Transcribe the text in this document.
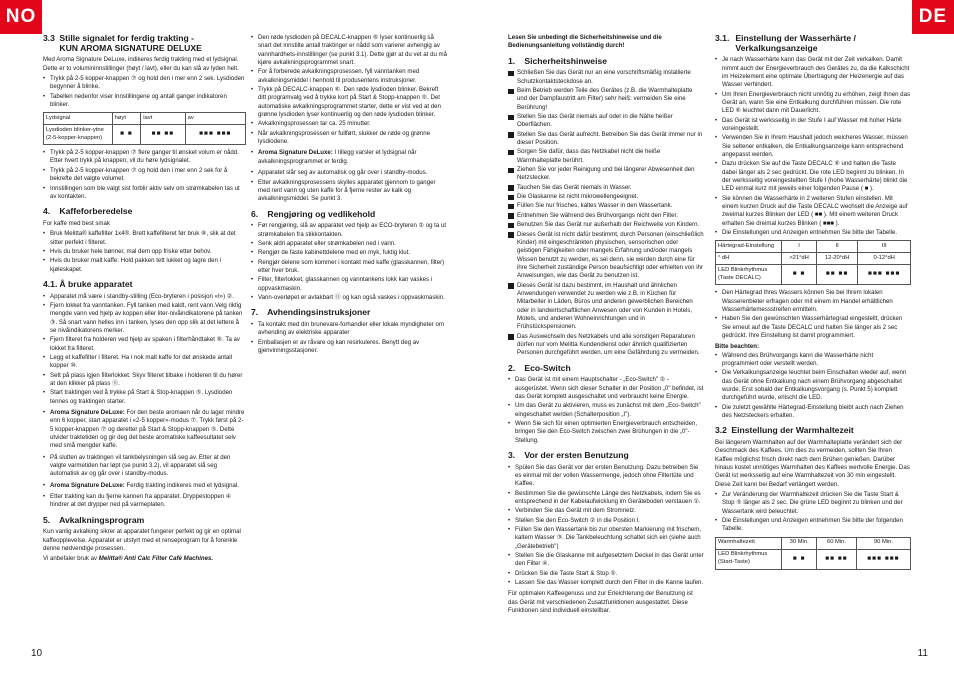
NO	DE
3.3 Stille signalet for ferdig trakting -
KUN AROMA SIGNATURE DELUXE

Med Aroma Signature DeLuxe, indikeres ferdig trakting med et lydsignal. Dette er to volumininnstillinger (høyt / lavt), eller du kan slå av lyden helt.

• Trykk på 2-5 kopper-knappen ⑦ og hold den i mer enn 2 sek. Lysdioden begynner å blinke.
• Tabellen nedenfor viser innstillingene og antall ganger indikatoren blinker.
Lydsignal	høyt	lavt	av
Lysdioden blinker-ytne (2-5-kopper-knappen)	■ ■	■■ ■■	■■■ ■■■
• Trykk på 2-5 kopper-knappen ⑦ flere ganger til ønsket volum er nådd. Etter hvert trykk på knappen, vil du høre lydsignalet.
• Trykk på 2-5 kopper-knappen ⑦ og hold den i mer enn 2 sek for å bekrefte det valgte volumet.
• Innstillingen som ble valgt sist forblir aktiv selv om strømkabelen tas ut av kontakten.
4. Kaffeforberedelse

For kaffe med best smak

• Bruk Melitta® kaffefilter 1x4®. Brett kaffefilteret før bruk ⑧, slik at det sitter perfekt i filteret.
• Hvis du bruker hele bønner, mal dem opp friske etter behov.
• Hvis du bruker malt kaffe: Hold pakken tett lukket og lagre den i kjøleskapet.
4.1. Å bruke apparatet
• Apparatet må være i standby-stilling (Eco-bryteren i posisjon «I») ②.
• Fjern lokket fra vanntanken. Fyll tanken med kaldt, rent vann.Velg riktig mengde vann ved hjelp av koppen eller liter-nivåindikatorene på tanken ③. Så snart vann helles inn i tanken, lyses den opp slik at det lettere å se nivåindikatorens merker.
• Fjern filteret fra holderen ved hjelp av spaken i filterhåndtaket ⑨. Ta av lokket fra filteret.
• Legg et kaffefilter i filteret. Ha i nok malt kaffe for det ønskede antall kopper ⑩.
• Sett på plass igjen filterlokket. Skyv filteret tilbake i holderen til du hører at den klikker på plass ⑪.
• Start traktingen ved å trykke på Start & Stop-knappen ⑤. Lysdioden tennes og traktingen starter.
• Aroma Signature DeLuxe: For den beste aromaen når du lager mindre enn 6 kopper, start apparatet i «2-5 kopper»-modus ⑦. Trykk først på 2-5 kopper-knappen ⑦ og deretter på Start & Stopp-knappen ⑤. Dette utvider traktetiden og gir deg det beste aromatiske kaffeesultatet selv med små mengder kaffe.
• På slutten av traktingen vil tankbelysningen slå seg av. Etter at den valgte varmetiden har løpt (se punkt 3.2), vil apparatet slå seg automatisk av og går over i standby-modus.
• Aroma Signature DeLuxe: Ferdig trakting indikeres med et lydsignal.
• Etter trakting kan du fjerne kannen fra apparatet. Dryppestoppen ④ hindrer at det drypper ned på varmeplaten.
5. Avkalkningsprogram

Kun vanlig avkalking sikrer at apparatet fungerer perfekt og gir en optimal kaffeopplevelse. Apparatet er utstyrt med et renseprogram for å forenkle denne nødvendige prosessen.

Vi anbefaler bruk av Melitta® Anti Calc Filter Café Machines.

• Den røde lysdioden på DECALC-knappen ⑥ lyser kontinuerlig så snart det innstilte antall traktinger er nådd som varierer avhengig av vannhardhets-innstillinger (se punkt 3.1). Dette gjør at du vet at du må kjøre avkalkningsprogrammet snart.
• For å forberede avkalkningsprosessen, fyll vanntanken med avkalkningsmiddel i henhold til produsentens instruksjoner.
• Trykk på DECALC-knappen ⑥. Den røde lysdioden blinker. Bekreft ditt programvalg ved å trykke kort på Start & Stopp-knappen ⑤. Det automatiske avkalkningsprogrammet starter, dette er vist ved at den grønne lysdioden lyser kontinuerlig og den røde lysdioden blinker.
• Avkalkningsprosessen tar ca. 25 minutter.
• Når avkalkningsprosessen er fullført, slukker de røde og grønne lysdiodene.
• Aroma Signature DeLuxe: I tillegg varsler et lydsignal når avkalkningsprogrammet er ferdig.
• Apparatet slår seg av automatisk og går over i standby-modus.
• Etter avkalkningsprosessens skylles apparatet gjennom to ganger med rent vann og uten kaffe for å fjerne rester av kalk og avkalkningsmiddel. Se punkt 3.
6. Rengjøring og vedlikehold
• Før rengjøring, slå av apparatet ved hjelp av ECO-bryteren ② og ta ut strømkabelen fra stikkontakten.
• Senk aldri apparatet eller strømkabelen ned i vann.
• Rengjør de faste kabinettdelene med en myk, fuktig klut.
• Rengjør delene som kommer i kontakt med kaffe (glasskannen, filter) etter hver bruk.
• Filter, filterlokket, glasskannen og vanntankens lokk kan vaskes i oppvaskmaskin.
• Vann-overløpet er avtakbart ⑪ og kan også vaskes i oppvaskmaskin.
7. Avhendingsinstruksjoner
• Ta kontakt med din brunevare-forhandler eller lokale myndigheter om avhending av elektriske apparater
• Emballasjen er av råvare og kan resirkuleres. Benytt deg av gjenvinningsstasjoner.

Lesen Sie unbedingt die Sicherheitshinweise und die Bedienungsanleitung vollständig durch!

1. Sicherheitshinweise
Schließen Sie das Gerät nur an eine vorschriftsmäßig installierte Schutzkontaktsteckdose an.
Beim Betrieb werden Teile des Gerätes (z.B. die Warmhalteplatte und der Dampfaustritt am Filter) sehr heiß: vermeiden Sie eine Berührung!
Stellen Sie das Gerät niemals auf oder in die Nähe heißer Oberflächen.
Stellen Sie das Gerät aufrecht. Betreiben Sie das Gerät immer nur in dieser Position.
Sorgen Sie dafür, dass das Netzkabel nicht die heiße Warmhalteplatte berührt.
Ziehen Sie vor jeder Reinigung und bei längerer Abwesenheit den Netzstecker.
Tauchen Sie das Gerät niemals in Wasser.
Die Glaskanne ist nicht mikrowellengeeignet.
Füllen Sie nur frisches, kaltes Wasser in den Wassertank.
Entnehmen Sie während des Brühvorgangs nicht den Filter.
Benutzen Sie das Gerät nur außerhalb der Reichweite von Kindern.
Dieses Gerät ist nicht dafür bestimmt, durch Personen (einschließlich Kinder) mit eingeschränkten physischen, sensorischen oder geistigen Fähigkeiten oder mangels Erfahrung und/oder mangels Wissen benutzt zu werden, es sei denn, sie werden durch eine für ihre Sicherheit zuständige Person beaufsichtigt oder erhielten von ihr Anweisungen, wie das Gerät zu benutzen ist.
Dieses Gerät ist dazu bestimmt, im Haushalt und ähnlichen Anwendungen verwendet zu werden wie z.B. in Küchen für Mitarbeiter in Läden, Büros und anderen gewerblichen Bereichen oder in landwirtschaftlichen Anwesen oder von Kunden in Hotels, Motels, und anderen Wohneinrichtungen und in Frühstückspensionen.
Das Auswechseln des Netzkabels und alle sonstigen Reparaturen dürfen nur vom Melitta Kundendienst oder ähnlich qualifizierten Personen durchgeführt werden, um eine Gefährdung zu vermeiden.
2. Eco-Switch
• Das Gerät ist mit einem Hauptschalter - „Eco-Switch" ② - ausgerüstet. Wenn sich dieser Schalter in der Position „0" befindet, ist das Gerät komplett ausgeschaltet und verbraucht keine Energie.
• Um das Gerät zu aktivieren, muss es zunächst mit dem „Eco-Switch" eingeschaltet werden (Schalterposition „I").
• Wenn Sie sich für einen optimierten Energieverbrauch entscheiden, bringen Sie den Eco-Switch zwischen zwei Brühungen in die „0"-Stellung.
3. Vor der ersten Benutzung
• Spülen Sie das Gerät vor der ersten Benutzung. Dazu betreiben Sie es einmal mit der vollen Wassermenge, jedoch ohne Filtertüte und Kaffee.
• Bestimmen Sie die gewünschte Länge des Netzkabels, indem Sie es entsprechend in der Kabelaufwicklung im Geräteboden verstauen ①.
• Verbinden Sie das Gerät mit dem Stromnetz.
• Stellen Sie den Eco-Switch ② in die Position I.
• Füllen Sie den Wassertank bis zur obersten Markierung mit frischem, kaltem Wasser ③. Die Tankbeleuchtung schaltet sich ein (siehe auch „Gerätebetrieb")
• Stellen Sie die Glaskanne mit aufgesetztem Deckel in das Gerät unter den Filter ④.
• Drücken Sie die Taste Start & Stop ⑤.
• Lassen Sie das Wasser komplett durch den Filter in die Kanne laufen.

Für optimalen Kaffeegenuss und zur Erleichterung der Benutzung ist das Gerät mit verschiedenen Zusatzfunktionen ausgestattet. Diese Funktionen sind individuell einstellbar.

3.1. Einstellung der Wasserhärte /
Verkalkungsanzeige
• Je nach Wasserhärte kann das Gerät mit der Zeit verkalken. Damit nimmt auch der Energieverbrauch des Gerätes zu, da die Kalkschicht im Heizelement eine optimale Übertragung der Heizenergie auf das Wasser verhindert.
• Um Ihren Energieverbrauch nicht unnötig zu erhöhen, zeigt Ihnen das Gerät an, wann Sie eine Entkalkung durchführen müssen. Die rote LED ⑥ leuchtet dann mit Dauerlicht.
• Das Gerät ist werksseitig in der Stufe I auf Wasser mit hoher Härte voreingestellt.
• Verwenden Sie in Ihrem Haushalt jedoch weicheres Wasser, müssen Sie seltener entkalken, die Entkalkungsanzeige kann entsprechend angepasst werden.
• Dazu drücken Sie auf die Taste DECALC ⑥ und halten die Taste dabei länger als 2 sec gedrückt. Die rote LED beginnt zu blinken. In der werksseitig voreingestellten Stufe I (hohe Wasserhärte) blinkt die LED einmal kurz mit jeweils einer folgenden Pause ( ■ ).
• Sie können die Wasserhärte in 2 weiteren Stufen einstellen. Mit einem kurzen Druck auf die Taste DECALC wechselt die Anzeige auf zweimal kurzes Blinken der LED ( ■■ ). Mit einem weiteren Druck erhalten Sie dreimal kurzes Blinken ( ■■■ ).
• Die Einstellungen und Anzeigen entnehmen Sie bitte der Tabelle.
Härtegrad-Einstellung	I	II	III
° dH	>21°dH	12-20°dH	0-12°dH
LED Blinkrhythmus (Taste DECALC)	■ ■	■■ ■■	■■■ ■■■
• Den Härtegrad Ihres Wassers können Sie bei Ihrem lokalen Wasserenbieter erfragen oder mit einem im Handel erhältlichen Wasserhärtemessstreifen ermitteln.
• Haben Sie den gewünschten Wasserhärtegrad eingestellt, drücken Sie erneut auf die Taste DECALC und halten Sie länger als 2 sec gedrückt. Ihre Einstellung ist damit programmiert.

Bitte beachten:

• Während des Brühvorgangs kann die Wasserhärte nicht programmiert oder verstellt werden.
• Die Verkalkungsanzeige leuchtet beim Einschalten wieder auf, wenn das Gerät ohne Entkalkung nach einem Brühvorgang abgeschaltet wurde. Erst sobald der Entkalkungsvorgang (s. Punkt 5) komplett durchgeführt wurde, erlischt die LED.
• Die zuletzt gewählte Härtegrad-Einstellung bleibt auch nach Ziehen des Netzsteckers erhalten.
3.2 Einstellung der Warmhaltezeit

Bei längerem Warmhalten auf der Warmhalteplatte verändert sich der Geschmack des Kaffees. Um dies zu vermeiden, sollten Sie Ihren Kaffee möglichst frisch direkt nach dem Brühen genießen. Darüber hinaus kostet unnötiges Warmhalten des Kaffees wertvolle Energie. Das Gerät ist werksseitig auf eine Warmhaltezeit von 30 min eingestellt. Diese Zeit kann bei Bedarf verlängert werden.

• Zur Veränderung der Warmhaltezeit drücken Sie die Taste Start & Stop ⑤ länger als 2 sec. Die grüne LED beginnt zu blinken und der Wassertank wird beleuchtet.
• Die Einstellungen und Anzeigen entnehmen Sie bitte der folgenden Tabelle.
Warmhaltezeit	30 Min.	60 Min.	90 Min.
LED Blinkrhythmus (Start-Taste)	■ ■	■■ ■■	■■■ ■■■
10	11
